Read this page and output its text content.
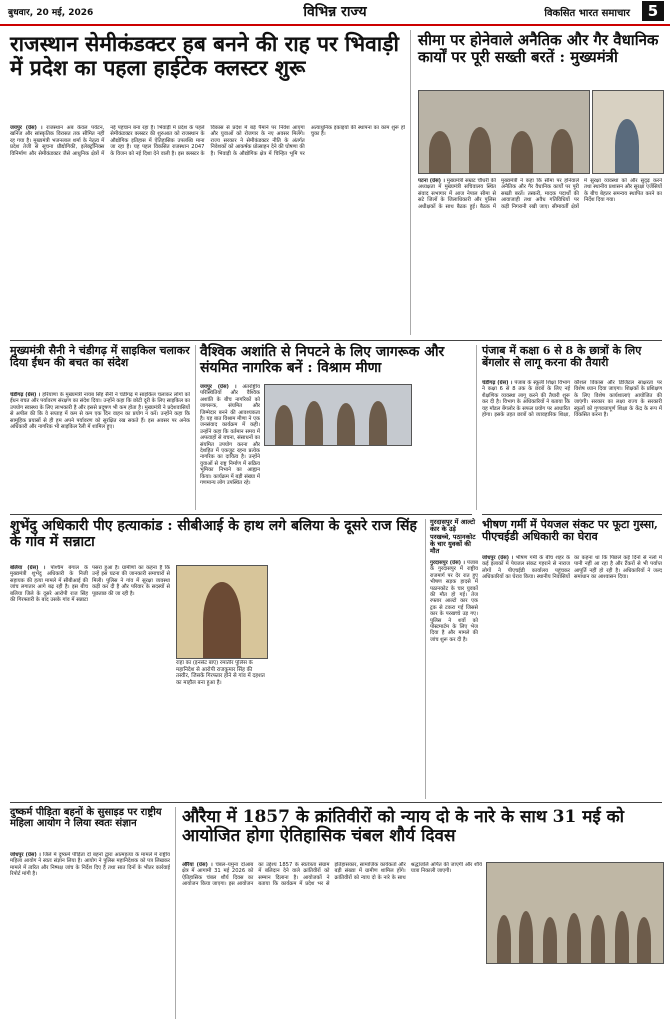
बुधवार, 20 मई, 2026	विभिन्न राज्य	विकसित भारत समाचार	5
राजस्थान सेमीकंडक्टर हब बनने की राह पर भिवाड़ी में प्रदेश का पहला हाईटेक क्लस्टर शुरू
जयपुर (ग्रेस) । राजस्थान अब केवल पर्यटन, खनिज और सांस्कृतिक विरासत तक सीमित नहीं रह गया है। मुख्यमंत्री भजनलाल शर्मा के नेतृत्व में प्रदेश तेजी से सूचना प्रौद्योगिकी, इलेक्ट्रॉनिक्स विनिर्माण और सेमीकंडक्टर जैसे आधुनिक क्षेत्रों में नई पहचान बना रहा है। भिवाड़ी में प्रदेश के पहले सेमीकंडक्टर क्लस्टर की शुरुआत को राजस्थान के औद्योगिक इतिहास में ऐतिहासिक उपलब्धि माना जा रहा है। यह पहल विकसित राजस्थान 2047 के विजन को नई दिशा देने वाली है। इस क्लस्टर के विकास से प्रदेश में बड़े पैमाने पर निवेश आएगा और युवाओं को रोजगार के नए अवसर मिलेंगे। राज्य सरकार ने सेमीकंडक्टर नीति के अंतर्गत निवेशकों को आकर्षक प्रोत्साहन देने की घोषणा की है। भिवाड़ी के औद्योगिक क्षेत्र में चिन्हित भूमि पर अत्याधुनिक इकाइयों की स्थापना का काम शुरू हो चुका है।
सीमा पर होनेवाले अनैतिक और गैर वैधानिक कार्यों पर पूरी सख्ती बरतें : मुख्यमंत्री
पटना (ग्रेस) । मुख्यमंत्री सम्राट चौधरी की अध्यक्षता में मुख्यमंत्री सचिवालय स्थित संवाद सभागार में आज नेपाल सीमा से सटे जिलों के जिलाधिकारी और पुलिस अधीक्षकों के साथ बैठक हुई। बैठक में मुख्यमंत्री ने कहा कि सीमा पर होनेवाले अनैतिक और गैर वैधानिक कार्यों पर पूरी सख्ती बरतें। तस्करी, मादक पदार्थों की आवाजाही तथा अवैध गतिविधियों पर कड़ी निगरानी रखी जाए। सीमावर्ती क्षेत्रों में सुरक्षा व्यवस्था को और सुदृढ़ करने तथा स्थानीय प्रशासन और सुरक्षा एजेंसियों के बीच बेहतर समन्वय स्थापित करने का निर्देश दिया गया।
मुख्यमंत्री सैनी ने चंडीगढ़ में साइकिल चलाकर दिया ईंधन की बचत का संदेश
चंडीगढ़ (ग्रेस) । हरियाणा के मुख्यमंत्री नायब सिंह सैनी ने चंडीगढ़ में साइकिल चलाकर लोगों को ईंधन बचत और पर्यावरण संरक्षण का संदेश दिया। उन्होंने कहा कि छोटी दूरी के लिए साइकिल का उपयोग स्वास्थ्य के लिए लाभकारी है और इससे प्रदूषण भी कम होता है। मुख्यमंत्री ने प्रदेशवासियों से अपील की कि वे सप्ताह में कम से कम एक दिन वाहन का प्रयोग न करें। उन्होंने कहा कि सामूहिक प्रयासों से ही हम अपने पर्यावरण को सुरक्षित रख सकते हैं। इस अवसर पर अनेक अधिकारी और नागरिक भी साइकिल रैली में शामिल हुए।
वैश्विक अशांति से निपटने के लिए जागरूक और संयमित नागरिक बनें : विश्राम मीणा
जयपुर (ग्रेस) । अंतर्राष्ट्रीय परिस्थितियों और वैश्विक अशांति के बीच नागरिकों को जागरूक, संयमित और जिम्मेदार बनने की आवश्यकता है। यह बात विश्राम मीणा ने एक जनसंवाद कार्यक्रम में कही। उन्होंने कहा कि वर्तमान समय में अफवाहों से बचना, संसाधनों का संयमित उपयोग करना और देशहित में एकजुट रहना प्रत्येक नागरिक का दायित्व है। उन्होंने युवाओं से राष्ट्र निर्माण में सक्रिय भूमिका निभाने का आह्वान किया। कार्यक्रम में बड़ी संख्या में गणमान्य लोग उपस्थित रहे।
पंजाब में कक्षा 6 से 8 के छात्रों के लिए बेंगलोर से लागू करना की तैयारी
चंडीगढ़ (ग्रेस) । पंजाब के स्कूली शिक्षा विभाग ने कक्षा 6 से 8 तक के छात्रों के लिए नई शैक्षणिक व्यवस्था लागू करने की तैयारी शुरू कर दी है। विभाग के अधिकारियों ने बताया कि यह मॉडल बेंगलोर के सफल प्रयोग पर आधारित होगा। इसके तहत छात्रों को व्यावहारिक शिक्षा, कौशल विकास और डिजिटल साक्षरता पर विशेष ध्यान दिया जाएगा। शिक्षकों के प्रशिक्षण के लिए विशेष कार्यशालाएं आयोजित की जाएंगी। सरकार का लक्ष्य राज्य के सरकारी स्कूलों को गुणवत्तापूर्ण शिक्षा के केंद्र के रूप में विकसित करना है।
शुभेंदु अधिकारी पीए हत्याकांड : सीबीआई के हाथ लगे बलिया के दूसरे राज सिंह के गांव में सन्नाटा
बलिया (ग्रेस) । पश्चिम बंगाल के मुख्यमंत्री शुभेंदु अधिकारी के निजी सहायक की हत्या मामले में सीबीआई की जांच लगातार आगे बढ़ रही है। इस बीच बलिया जिले के दूसरे आरोपी राज सिंह की गिरफ्तारी के बाद उसके गांव में सन्नाटा पसरा हुआ है। ग्रामीणों का कहना है कि उन्हें इस घटना की जानकारी समाचारों से मिली। पुलिस ने गांव में सुरक्षा व्यवस्था कड़ी कर दी है और परिवार के सदस्यों से पूछताछ की जा रही है।
राहा का (इनसेट बाएं) रमातीर पुलिस के महानिदेश से आरोपी राजकुमार सिंह की तस्वीर, जिसके गिरफ्तार होने से गांव में दहशत का माहौल बना हुआ है।
गुरदासपुर में आल्टो कार के उड़े परखच्चे, पठानकोट के चार युवकों की मौत
गुरदासपुर (ग्रेस) । पंजाब के गुरदासपुर में राष्ट्रीय राजमार्ग पर देर रात हुए भीषण सड़क हादसे में पठानकोट के चार युवकों की मौत हो गई। तेज रफ्तार आल्टो कार एक ट्रक से टकरा गई जिससे कार के परखच्चे उड़ गए। पुलिस ने शवों को पोस्टमार्टम के लिए भेज दिया है और मामले की जांच शुरू कर दी है।
भीषण गर्मी में पेयजल संकट पर फूटा गुस्सा, पीएचईडी अधिकारी का घेराव
जोधपुर (ग्रेस) । भीषण गर्मी के बीच शहर के कई इलाकों में पेयजल संकट गहराने से नाराज लोगों ने पीएचईडी कार्यालय पहुंचकर अधिकारियों का घेराव किया। स्थानीय निवासियों का कहना था कि पिछले कई दिनों से नलों में पानी नहीं आ रहा है और टैंकरों से भी पर्याप्त आपूर्ति नहीं हो रही है। अधिकारियों ने जल्द समाधान का आश्वासन दिया।
दुष्कर्म पीड़िता बहनों के सुसाइड पर राष्ट्रीय महिला आयोग ने लिया स्वतः संज्ञान
जोधपुर (ग्रेस) । जिले में दुष्कर्म पीड़िता दो बहनों द्वारा आत्महत्या के मामले में राष्ट्रीय महिला आयोग ने स्वतः संज्ञान लिया है। आयोग ने पुलिस महानिदेशक को पत्र लिखकर मामले में त्वरित और निष्पक्ष जांच के निर्देश दिए हैं तथा सात दिनों के भीतर कार्रवाई रिपोर्ट मांगी है।
औरैया में 1857 के क्रांतिवीरों को न्याय दो के नारे के साथ 31 मई को आयोजित होगा ऐतिहासिक चंबल शौर्य दिवस
औरैया (ग्रेस) । चंबल–यमुना दोआब क्षेत्र में आगामी 31 मई 2026 को ऐतिहासिक चंबल शौर्य दिवस का आयोजन किया जाएगा। इस आयोजन का उद्देश्य 1857 के स्वतंत्रता संग्राम में बलिदान देने वाले क्रांतिवीरों को सम्मान दिलाना है। आयोजकों ने बताया कि कार्यक्रम में प्रदेश भर से इतिहासकार, सामाजिक कार्यकर्ता और बड़ी संख्या में ग्रामीण शामिल होंगे। क्रांतिवीरों को न्याय दो के नारे के साथ श्रद्धांजलि अर्पित की जाएगी और शौर्य यात्रा निकाली जाएगी।
